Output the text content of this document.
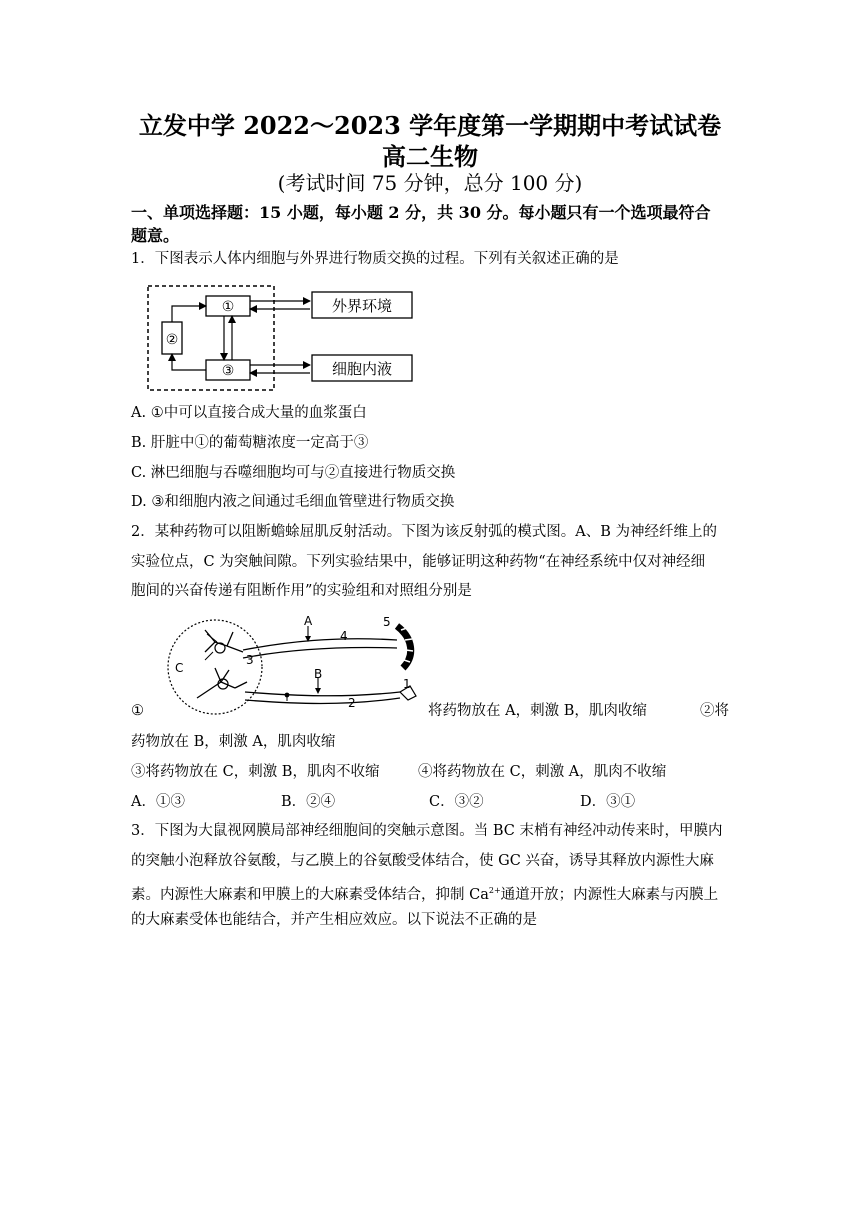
立发中学 2022～2023 学年度第一学期期中考试试卷
高二生物
(考试时间 75 分钟，总分 100 分)
一、单项选择题：15 小题，每小题 2 分，共 30 分。每小题只有一个选项最符合
题意。
1．下图表示人体内细胞与外界进行物质交换的过程。下列有关叙述正确的是
①
②
③
外界环境
细胞内液
A. ①中可以直接合成大量的血浆蛋白
B. 肝脏中①的葡萄糖浓度一定高于③
C. 淋巴细胞与吞噬细胞均可与②直接进行物质交换
D. ③和细胞内液之间通过毛细血管壁进行物质交换
2．某种药物可以阻断蟾蜍屈肌反射活动。下图为该反射弧的模式图。A、B 为神经纤维上的
实验位点，C 为突触间隙。下列实验结果中，能够证明这种药物“在神经系统中仅对神经细
胞间的兴奋传递有阻断作用”的实验组和对照组分别是
A
B
C
1
2
3
4
5
①	将药物放在 A，刺激 B，肌肉收缩	②将
药物放在 B，刺激 A，肌肉收缩
③将药物放在 C，刺激 B，肌肉不收缩	④将药物放在 C，刺激 A，肌肉不收缩
A．①③	B．②④	C．③②	D．③①
3．下图为大鼠视网膜局部神经细胞间的突触示意图。当 BC 末梢有神经冲动传来时，甲膜内
的突触小泡释放谷氨酸，与乙膜上的谷氨酸受体结合，使 GC 兴奋，诱导其释放内源性大麻
素。内源性大麻素和甲膜上的大麻素受体结合，抑制 $Ca^{2+}$通道开放；内源性大麻素与丙膜上
的大麻素受体也能结合，并产生相应效应。以下说法不正确的是
